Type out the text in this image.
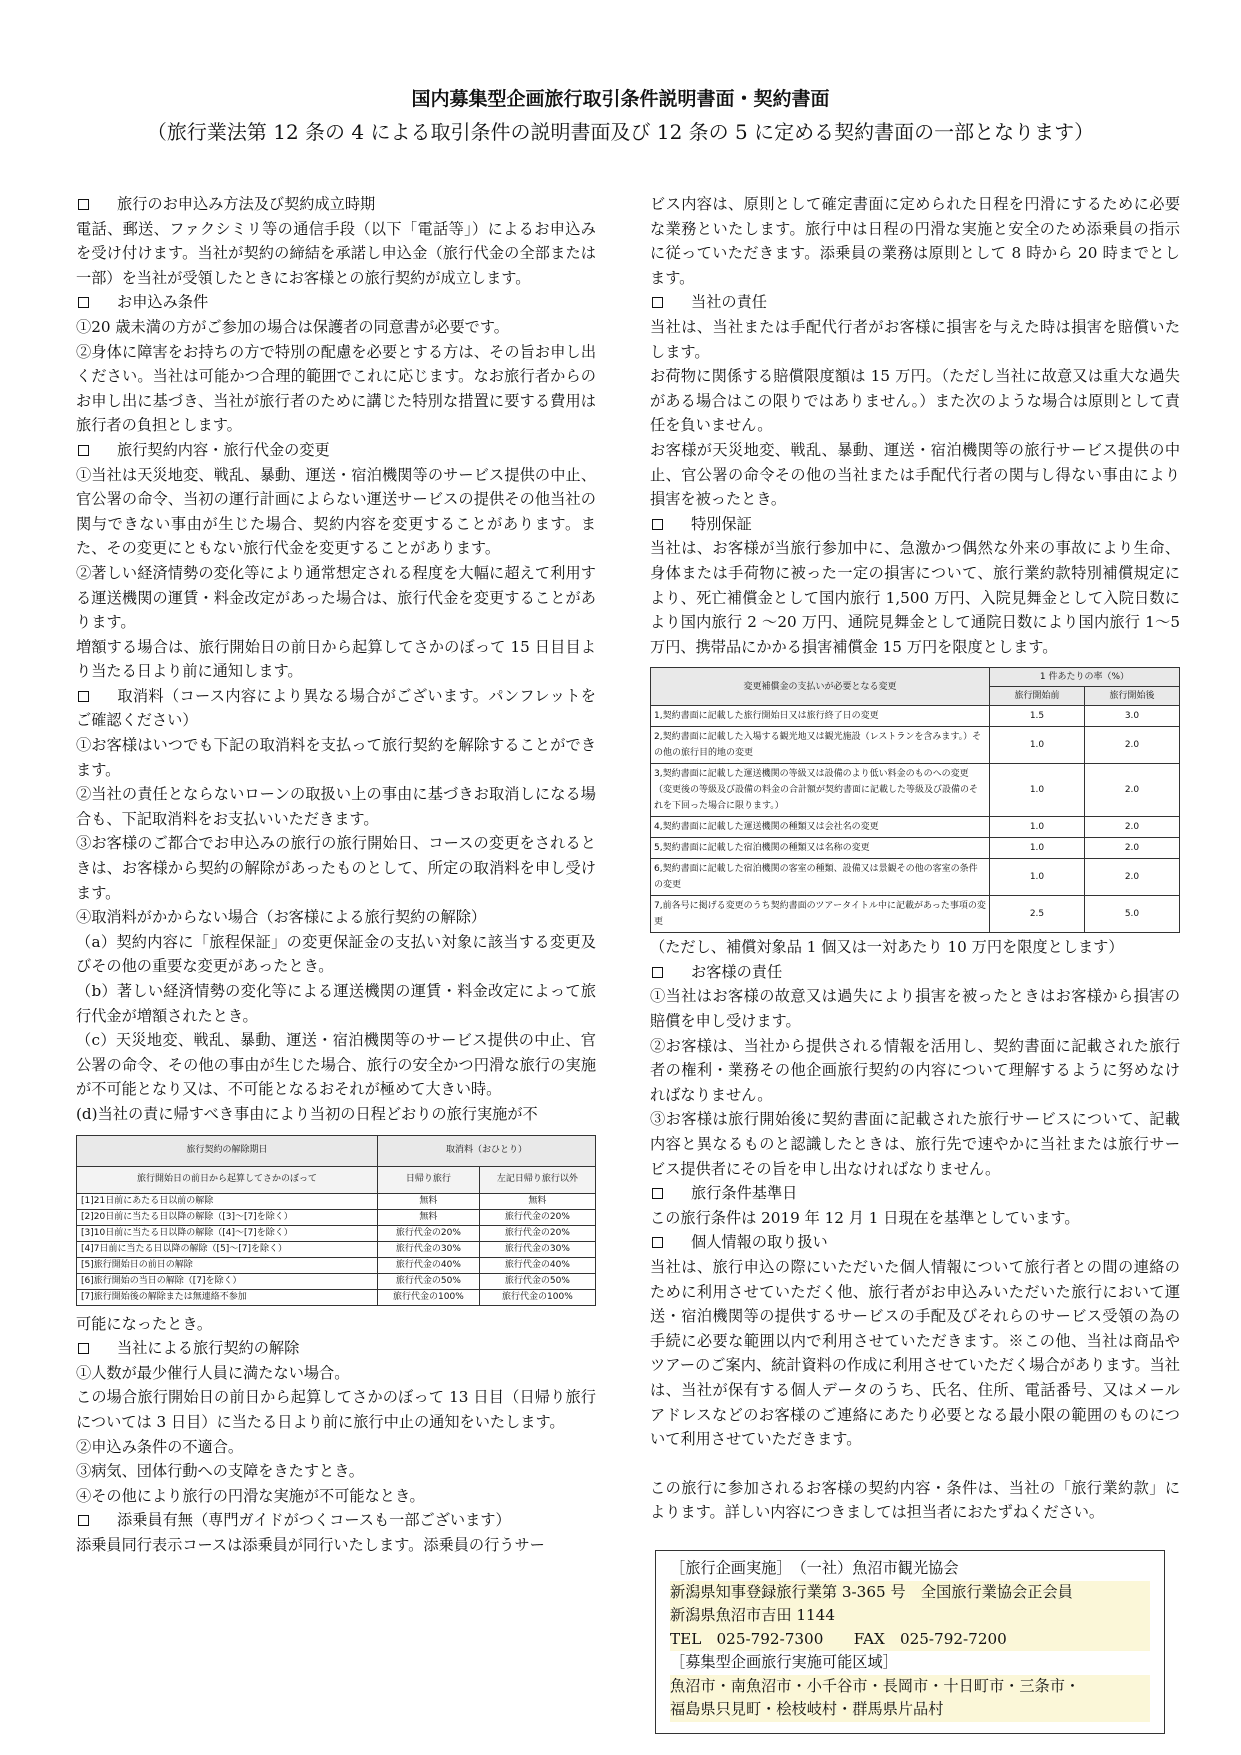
国内募集型企画旅行取引条件説明書面・契約書面
（旅行業法第 12 条の 4 による取引条件の説明書面及び 12 条の 5 に定める契約書面の一部となります）

旅行のお申込み方法及び契約成立時期

電話、郵送、ファクシミリ等の通信手段（以下「電話等」）によるお申込みを受け付けます。当社が契約の締結を承諾し申込金（旅行代金の全部または一部）を当社が受領したときにお客様との旅行契約が成立します。

お申込み条件

①20 歳未満の方がご参加の場合は保護者の同意書が必要です。

②身体に障害をお持ちの方で特別の配慮を必要とする方は、その旨お申し出ください。当社は可能かつ合理的範囲でこれに応じます。なお旅行者からのお申し出に基づき、当社が旅行者のために講じた特別な措置に要する費用は旅行者の負担とします。

旅行契約内容・旅行代金の変更

①当社は天災地変、戦乱、暴動、運送・宿泊機関等のサービス提供の中止、官公署の命令、当初の運行計画によらない運送サービスの提供その他当社の関与できない事由が生じた場合、契約内容を変更することがあります。また、その変更にともない旅行代金を変更することがあります。

②著しい経済情勢の変化等により通常想定される程度を大幅に超えて利用する運送機関の運賃・料金改定があった場合は、旅行代金を変更することがあります。

増額する場合は、旅行開始日の前日から起算してさかのぼって 15 日目目より当たる日より前に通知します。

取消料（コース内容により異なる場合がございます。パンフレットをご確認ください）

①お客様はいつでも下記の取消料を支払って旅行契約を解除することができます。

②当社の責任とならないローンの取扱い上の事由に基づきお取消しになる場合も、下記取消料をお支払いいただきます。

③お客様のご都合でお申込みの旅行の旅行開始日、コースの変更をされるときは、お客様から契約の解除があったものとして、所定の取消料を申し受けます。

④取消料がかからない場合（お客様による旅行契約の解除）

（a）契約内容に「旅程保証」の変更保証金の支払い対象に該当する変更及びその他の重要な変更があったとき。

（b）著しい経済情勢の変化等による運送機関の運賃・料金改定によって旅行代金が増額されたとき。

（c）天災地変、戦乱、暴動、運送・宿泊機関等のサービス提供の中止、官公署の命令、その他の事由が生じた場合、旅行の安全かつ円滑な旅行の実施が不可能となり又は、不可能となるおそれが極めて大きい時。

(d)当社の責に帰すべき事由により当初の日程どおりの旅行実施が不

旅行契約の解除期日	取消料（おひとり）	
旅行開始日の前日から起算してさかのぼって	日帰り旅行	左記日帰り旅行以外
[1]21日前にあたる日以前の解除	無料	無料
[2]20日前に当たる日以降の解除（[3]〜[7]を除く）	無料	旅行代金の20%
[3]10日前に当たる日以降の解除（[4]〜[7]を除く）	旅行代金の20%	旅行代金の20%
[4]7日前に当たる日以降の解除（[5]〜[7]を除く）	旅行代金の30%	旅行代金の30%
[5]旅行開始日の前日の解除	旅行代金の40%	旅行代金の40%
[6]旅行開始の当日の解除（[7]を除く）	旅行代金の50%	旅行代金の50%
[7]旅行開始後の解除または無連絡不参加	旅行代金の100%	旅行代金の100%

可能になったとき。

当社による旅行契約の解除

①人数が最少催行人員に満たない場合。

この場合旅行開始日の前日から起算してさかのぼって 13 日目（日帰り旅行については 3 日目）に当たる日より前に旅行中止の通知をいたします。

②申込み条件の不適合。

③病気、団体行動への支障をきたすとき。

④その他により旅行の円滑な実施が不可能なとき。

添乗員有無（専門ガイドがつくコースも一部ございます）

添乗員同行表示コースは添乗員が同行いたします。添乗員の行うサー

ビス内容は、原則として確定書面に定められた日程を円滑にするために必要な業務といたします。旅行中は日程の円滑な実施と安全のため添乗員の指示に従っていただきます。添乗員の業務は原則として 8 時から 20 時までとします。

当社の責任

当社は、当社または手配代行者がお客様に損害を与えた時は損害を賠償いたします。

お荷物に関係する賠償限度額は 15 万円。（ただし当社に故意又は重大な過失がある場合はこの限りではありません。）また次のような場合は原則として責任を負いません。

お客様が天災地変、戦乱、暴動、運送・宿泊機関等の旅行サービス提供の中止、官公署の命令その他の当社または手配代行者の関与し得ない事由により損害を被ったとき。

特別保証

当社は、お客様が当旅行参加中に、急激かつ偶然な外来の事故により生命、身体または手荷物に被った一定の損害について、旅行業約款特別補償規定により、死亡補償金として国内旅行 1,500 万円、入院見舞金として入院日数により国内旅行 2 〜20 万円、通院見舞金として通院日数により国内旅行 1〜5 万円、携帯品にかかる損害補償金 15 万円を限度とします。

変更補償金の支払いが必要となる変更	1 件あたりの率（%）	
	旅行開始前	旅行開始後
1,契約書面に記載した旅行開始日又は旅行終了日の変更	1.5	3.0
2,契約書面に記載した入場する観光地又は観光施設（レストランを含みます。）その他の旅行目的地の変更	1.0	2.0
3,契約書面に記載した運送機関の等級又は設備のより低い料金のものへの変更（変更後の等級及び設備の料金の合計額が契約書面に記載した等級及び設備のそれを下回った場合に限ります。）	1.0	2.0
4,契約書面に記載した運送機関の種類又は会社名の変更	1.0	2.0
5,契約書面に記載した宿泊機関の種類又は名称の変更	1.0	2.0
6,契約書面に記載した宿泊機関の客室の種類、設備又は景観その他の客室の条件の変更	1.0	2.0
7,前各号に掲げる変更のうち契約書面のツアータイトル中に記載があった事項の変更	2.5	5.0

（ただし、補償対象品 1 個又は一対あたり 10 万円を限度とします）

お客様の責任

①当社はお客様の故意又は過失により損害を被ったときはお客様から損害の賠償を申し受けます。

②お客様は、当社から提供される情報を活用し、契約書面に記載された旅行者の権利・業務その他企画旅行契約の内容について理解するように努めなければなりません。

③お客様は旅行開始後に契約書面に記載された旅行サービスについて、記載内容と異なるものと認識したときは、旅行先で速やかに当社または旅行サービス提供者にその旨を申し出なければなりません。

旅行条件基準日

この旅行条件は 2019 年 12 月 1 日現在を基準としています。

個人情報の取り扱い

当社は、旅行申込の際にいただいた個人情報について旅行者との間の連絡のために利用させていただく他、旅行者がお申込みいただいた旅行において運送・宿泊機関等の提供するサービスの手配及びそれらのサービス受領の為の手続に必要な範囲以内で利用させていただきます。※この他、当社は商品やツアーのご案内、統計資料の作成に利用させていただく場合があります。当社は、当社が保有する個人データのうち、氏名、住所、電話番号、又はメールアドレスなどのお客様のご連絡にあたり必要となる最小限の範囲のものについて利用させていただきます。

この旅行に参加されるお客様の契約内容・条件は、当社の「旅行業約款」によります。詳しい内容につきましては担当者におたずねください。

［旅行企画実施］　（一社）魚沼市観光協会
新潟県知事登録旅行業第 3-365 号　全国旅行業協会正会員
新潟県魚沼市吉田 1144
TEL　025-792-7300　　FAX　025-792-7200
［募集型企画旅行実施可能区域］
魚沼市・南魚沼市・小千谷市・長岡市・十日町市・三条市・
福島県只見町・桧枝岐村・群馬県片品村
